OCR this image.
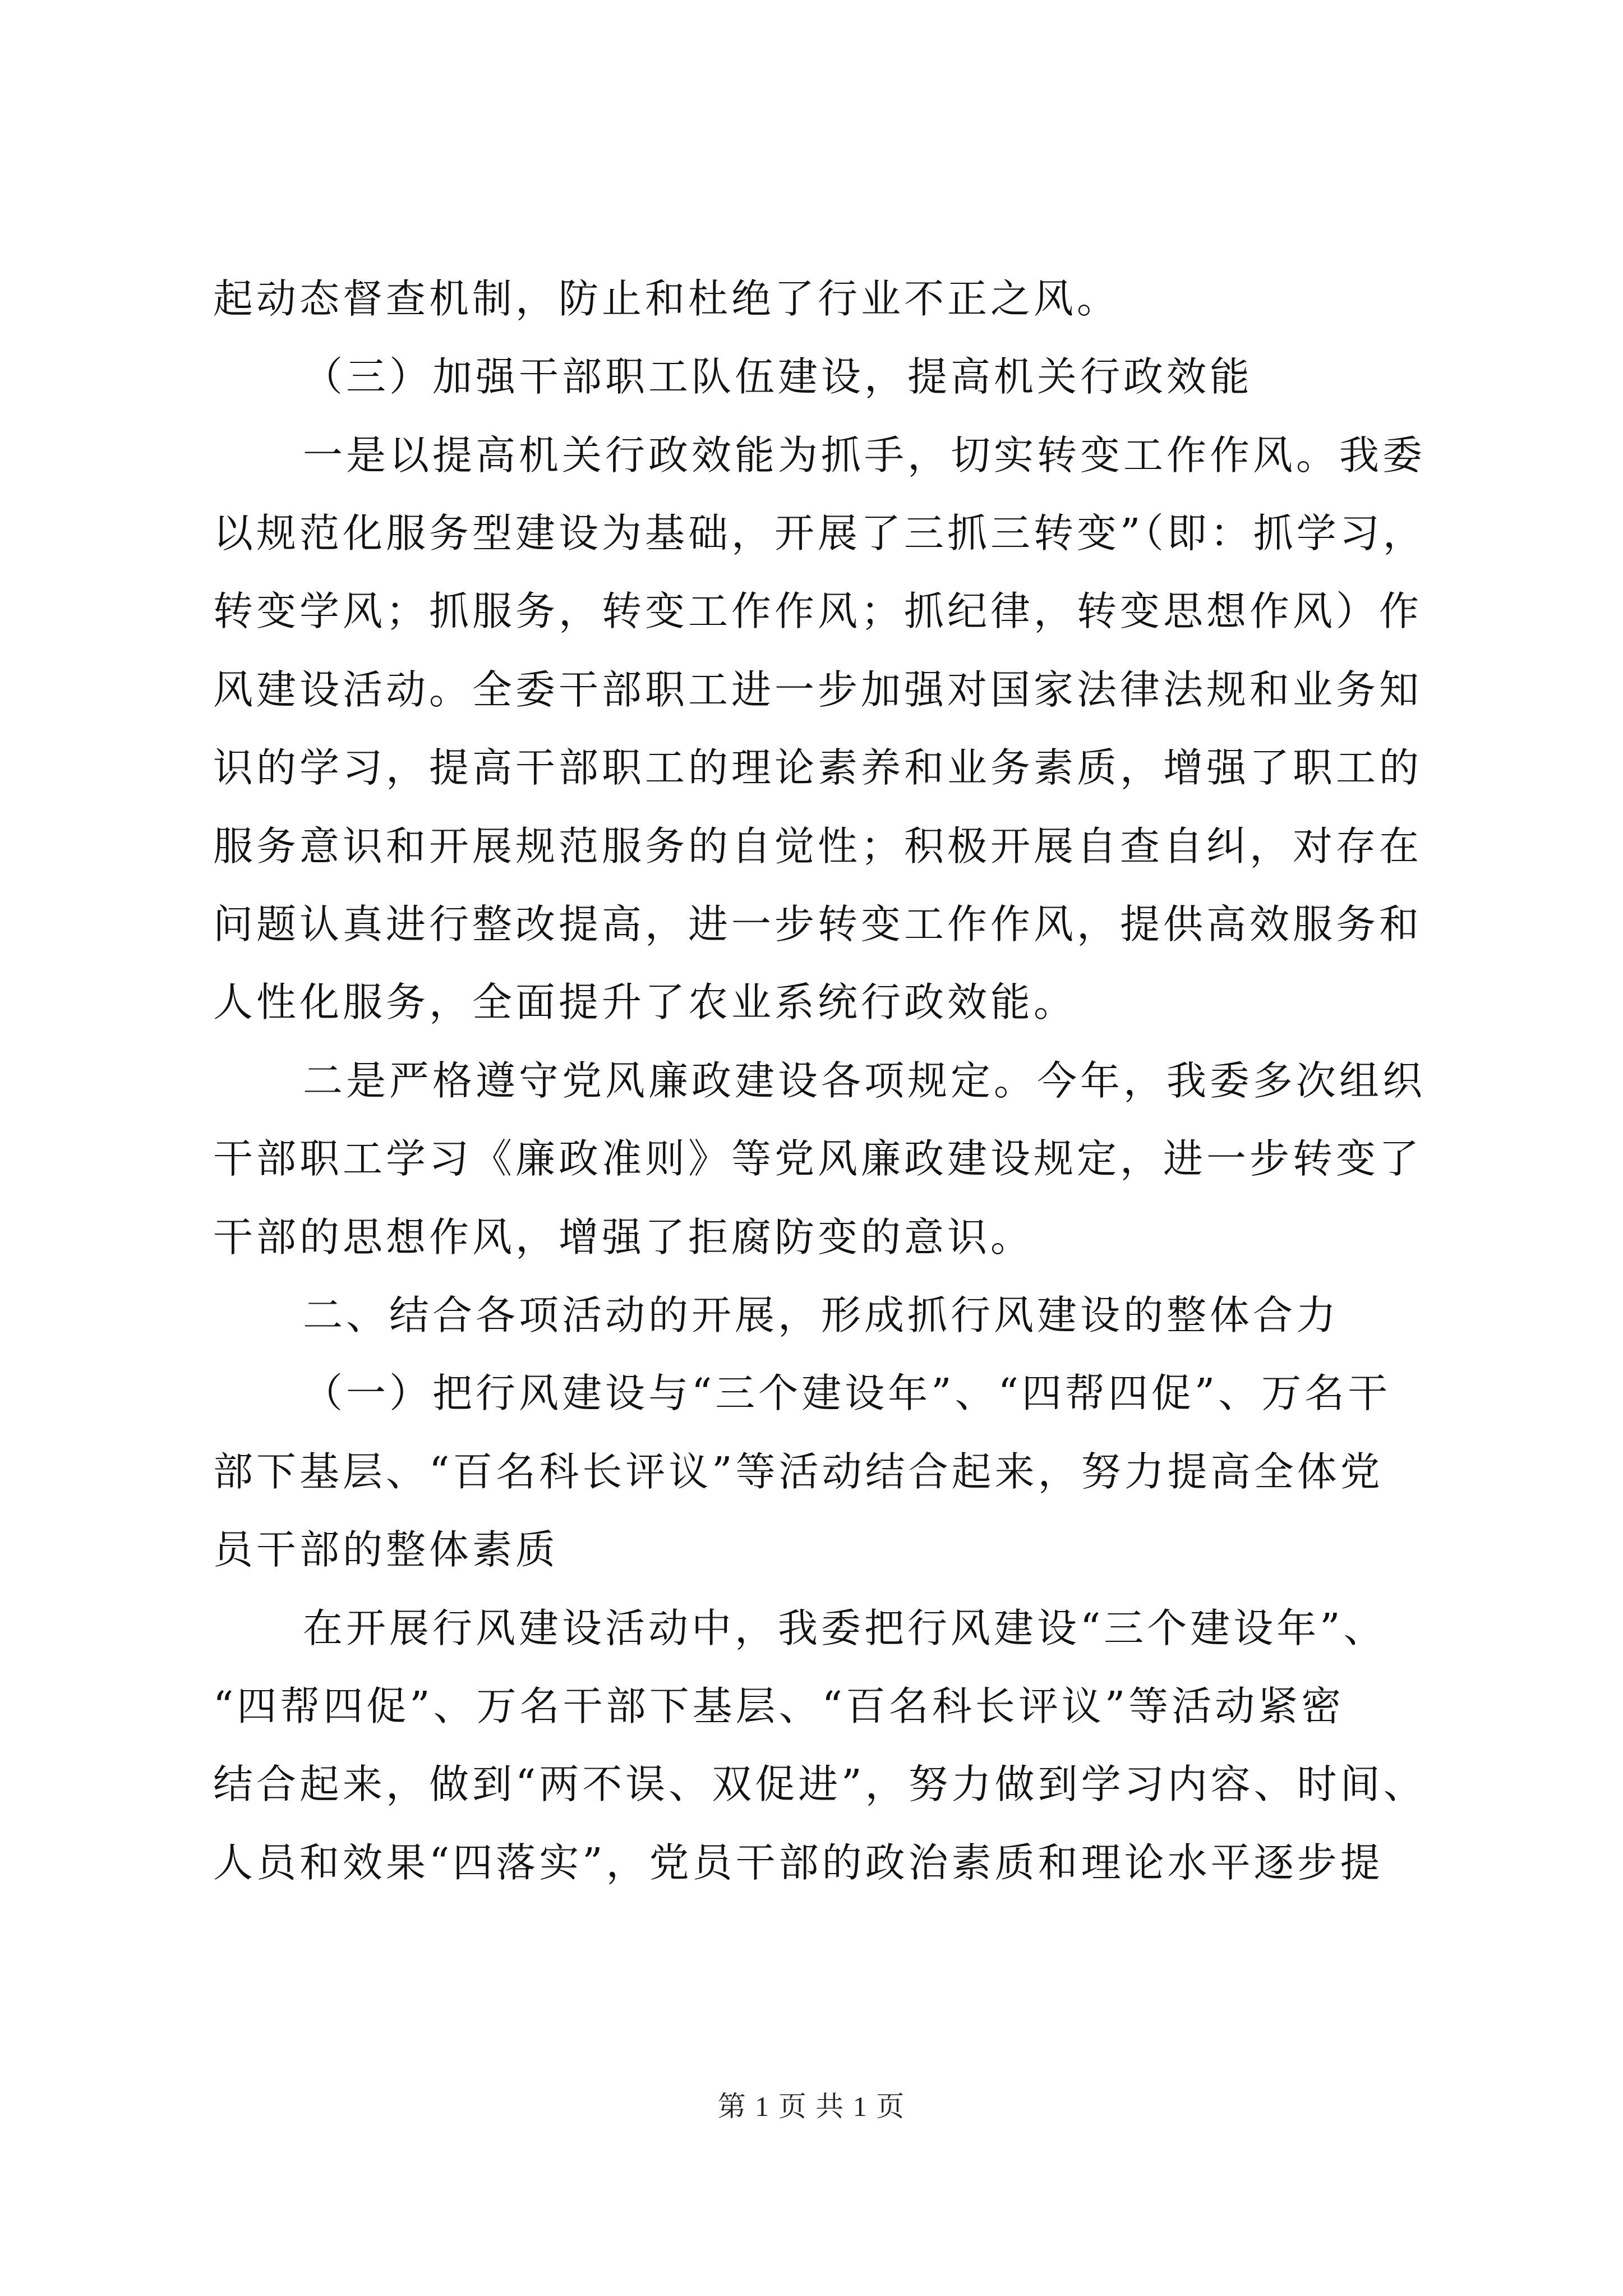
起动态督查机制，防止和杜绝了行业不正之风。
（三）加强干部职工队伍建设，提高机关行政效能
一是以提高机关行政效能为抓手，切实转变工作作风。我委
以规范化服务型建设为基础，开展了三抓三转变”（即：抓学习，
转变学风；抓服务，转变工作作风；抓纪律，转变思想作风）作
风建设活动。全委干部职工进一步加强对国家法律法规和业务知
识的学习，提高干部职工的理论素养和业务素质，增强了职工的
服务意识和开展规范服务的自觉性；积极开展自查自纠，对存在
问题认真进行整改提高，进一步转变工作作风，提供高效服务和
人性化服务，全面提升了农业系统行政效能。
二是严格遵守党风廉政建设各项规定。今年，我委多次组织
干部职工学习《廉政准则》等党风廉政建设规定，进一步转变了
干部的思想作风，增强了拒腐防变的意识。
二、结合各项活动的开展，形成抓行风建设的整体合力
（一）把行风建设与“三个建设年”、“四帮四促”、万名干
部下基层、“百名科长评议”等活动结合起来，努力提高全体党
员干部的整体素质
在开展行风建设活动中，我委把行风建设“三个建设年”、
“四帮四促”、万名干部下基层、“百名科长评议”等活动紧密
结合起来，做到“两不误、双促进”，努力做到学习内容、时间、
人员和效果“四落实”，党员干部的政治素质和理论水平逐步提
第 1 页 共 1 页
